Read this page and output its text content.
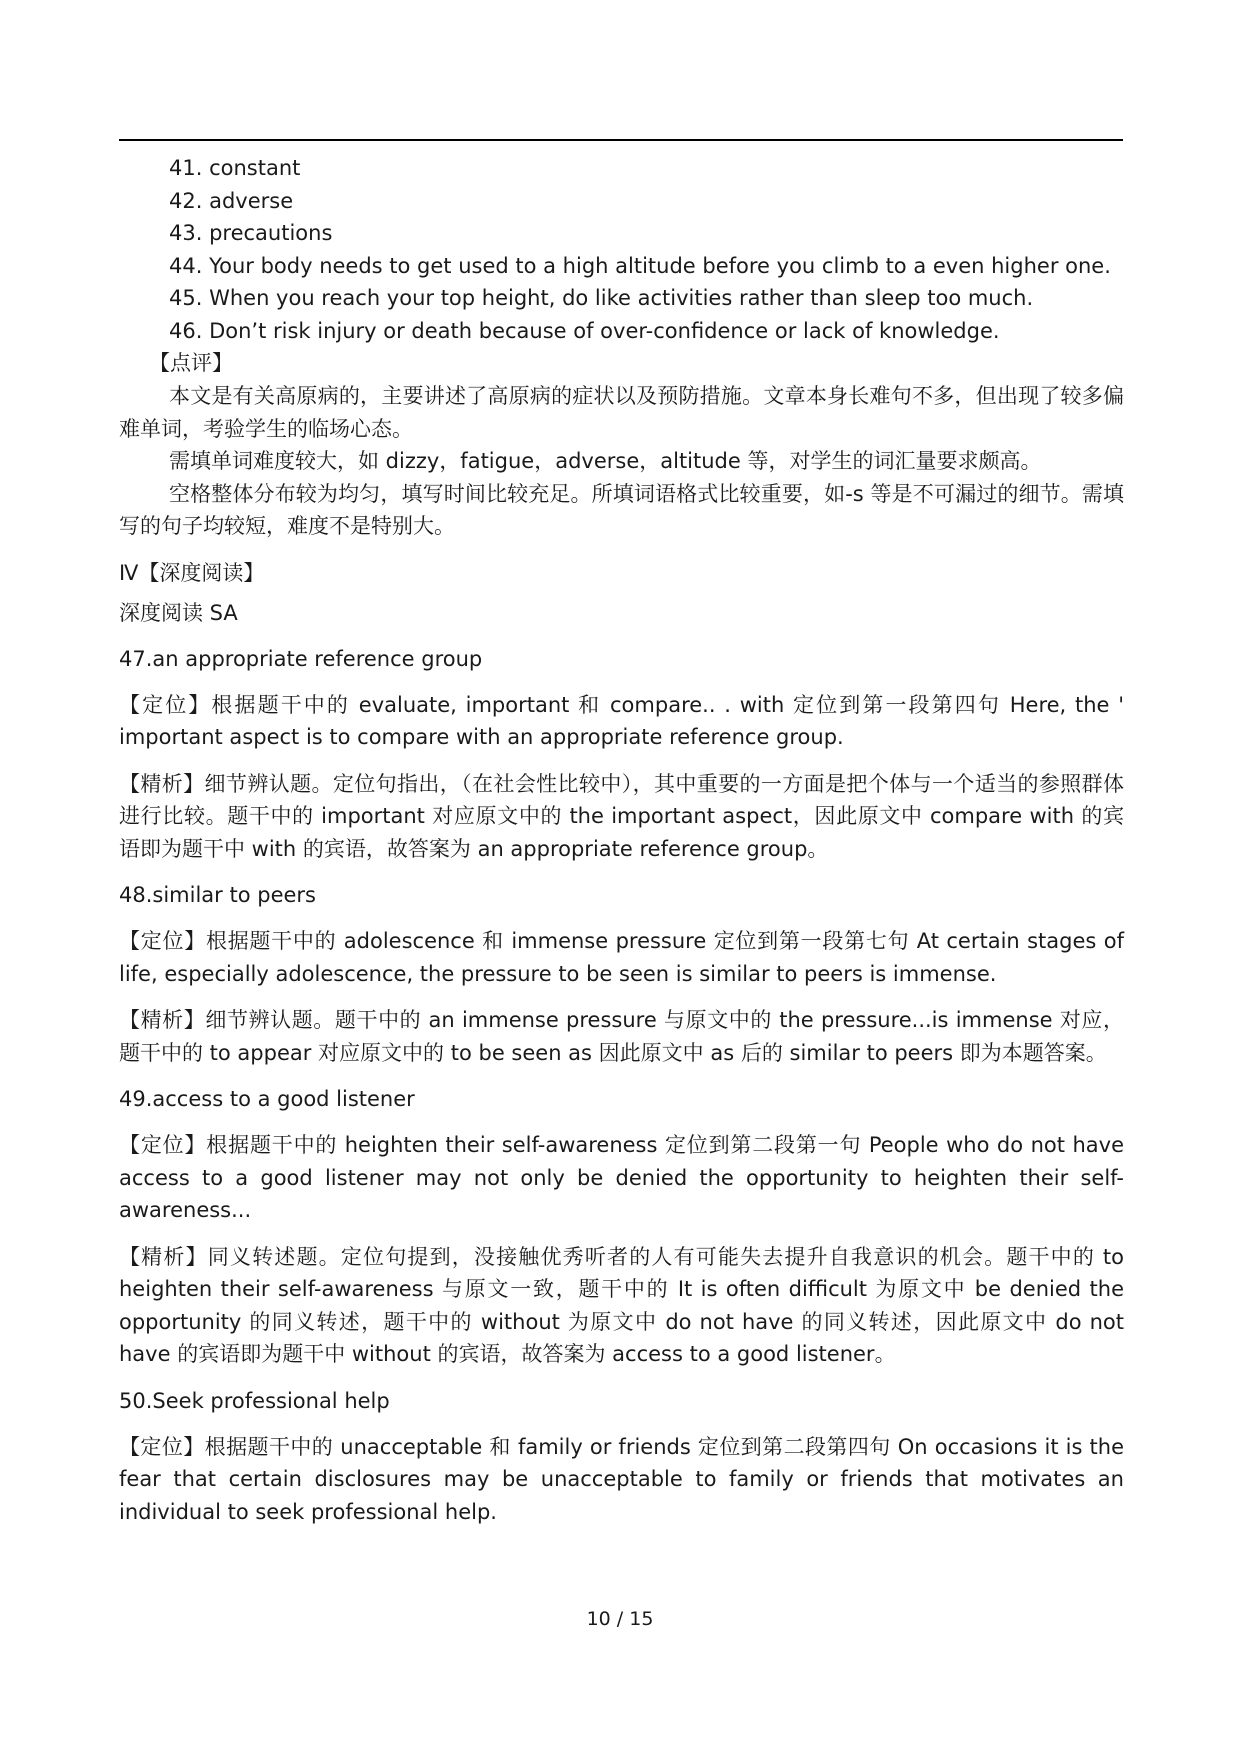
41. constant

42. adverse

43. precautions

44. Your body needs to get used to a high altitude before you climb to a even higher one.

45. When you reach your top height, do like activities rather than sleep too much.

46. Don’t risk injury or death because of over-confidence or lack of knowledge.

【点评】

本文是有关高原病的，主要讲述了高原病的症状以及预防措施。文章本身长难句不多，但出现了较多偏难单词，考验学生的临场心态。

需填单词难度较大，如 dizzy，fatigue，adverse，altitude 等，对学生的词汇量要求颇高。

空格整体分布较为均匀，填写时间比较充足。所填词语格式比较重要，如-s 等是不可漏过的细节。需填写的句子均较短，难度不是特别大。

Ⅳ【深度阅读】

深度阅读 SA

47.an appropriate reference group

【定位】根据题干中的 evaluate, important 和 compare.. . with 定位到第一段第四句 Here, the ' important aspect is to compare with an appropriate reference group.

【精析】细节辨认题。定位句指出，（在社会性比较中），其中重要的一方面是把个体与一个适当的参照群体进行比较。题干中的 important 对应原文中的 the important aspect，因此原文中 compare with 的宾语即为题干中 with 的宾语，故答案为 an appropriate reference group。

48.similar to peers

【定位】根据题干中的 adolescence 和 immense pressure 定位到第一段第七句 At certain stages of life, especially adolescence, the pressure to be seen is similar to peers is immense.

【精析】细节辨认题。题干中的 an immense pressure 与原文中的 the pressure...is immense 对应，题干中的 to appear 对应原文中的 to be seen as 因此原文中 as 后的 similar to peers 即为本题答案。

49.access to a good listener

【定位】根据题干中的 heighten their self-awareness 定位到第二段第一句 People who do not have access to a good listener may not only be denied the opportunity to heighten their self-awareness...

【精析】同义转述题。定位句提到，没接触优秀听者的人有可能失去提升自我意识的机会。题干中的 to heighten their self-awareness 与原文一致，题干中的 It is often difficult 为原文中 be denied the opportunity 的同义转述，题干中的 without 为原文中 do not have 的同义转述，因此原文中 do not have 的宾语即为题干中 without 的宾语，故答案为 access to a good listener。

50.Seek professional help

【定位】根据题干中的 unacceptable 和 family or friends 定位到第二段第四句 On occasions it is the fear that certain disclosures may be unacceptable to family or friends that motivates an individual to seek professional help.

10 / 15
